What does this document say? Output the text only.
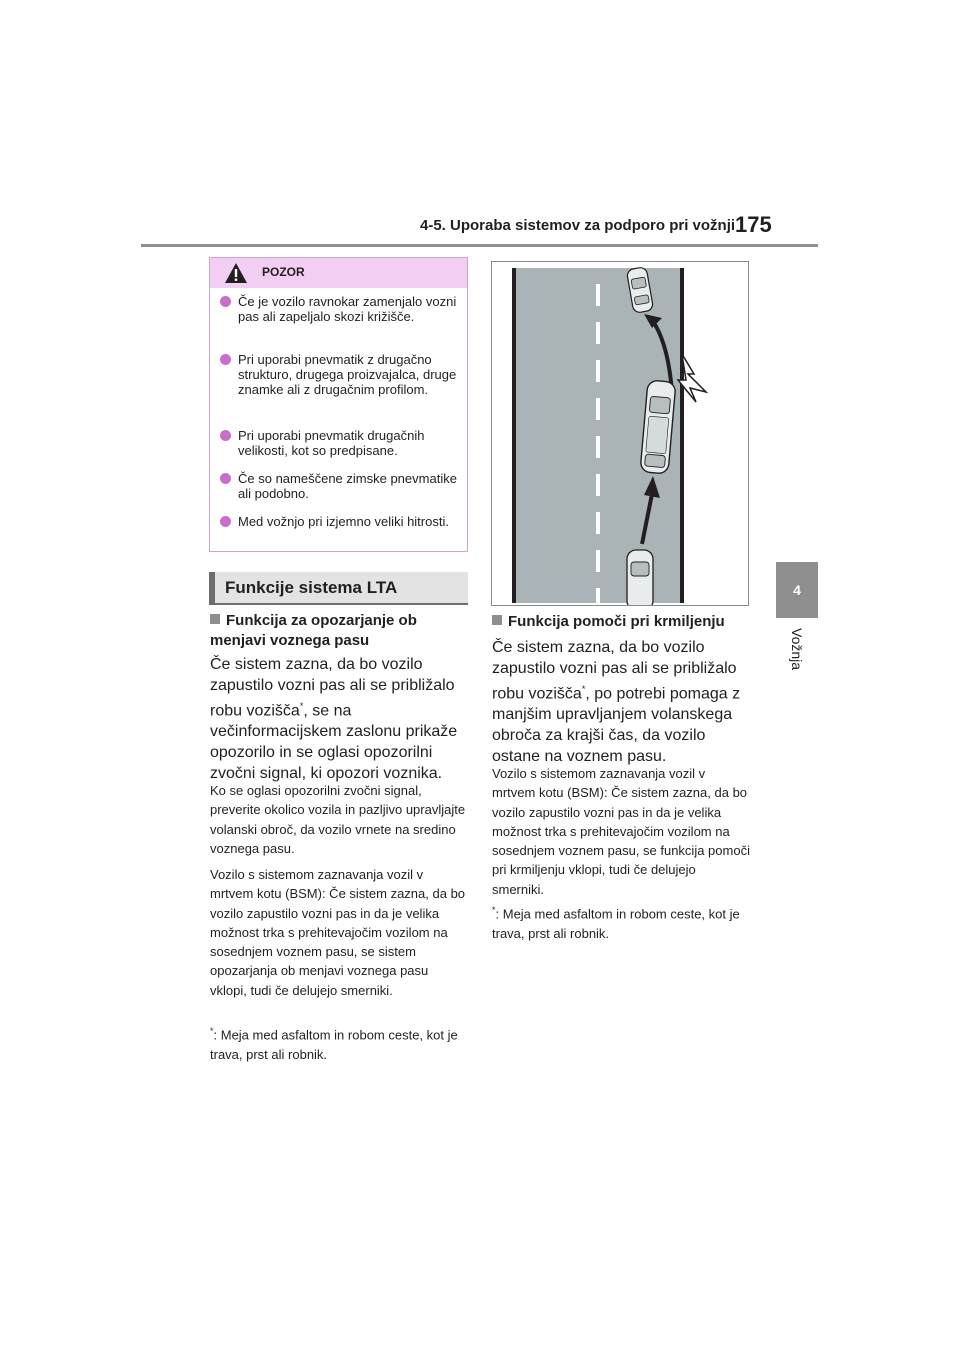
4-5. Uporaba sistemov za podporo pri vožnji 175
4
Vožnja
POZOR
Če je vozilo ravnokar zamenjalo vozni pas ali zapeljalo skozi križišče.
Pri uporabi pnevmatik z drugačno strukturo, drugega proizvajalca, druge znamke ali z drugačnim profilom.
Pri uporabi pnevmatik drugačnih velikosti, kot so predpisane.
Če so nameščene zimske pnevmatike ali podobno.
Med vožnjo pri izjemno veliki hitrosti.
Funkcije sistema LTA
Funkcija za opozarjanje ob menjavi voznega pasu
Če sistem zazna, da bo vozilo zapustilo vozni pas ali se približalo robu vozišča*, se na večinformacijskem zaslonu prikaže opozorilo in se oglasi opozorilni zvočni signal, ki opozori voznika.
Ko se oglasi opozorilni zvočni signal, preverite okolico vozila in pazljivo upravljajte volanski obroč, da vozilo vrnete na sredino voznega pasu.
Vozilo s sistemom zaznavanja vozil v mrtvem kotu (BSM): Če sistem zazna, da bo vozilo zapustilo vozni pas in da je velika možnost trka s prehitevajočim vozilom na sosednjem voznem pasu, se sistem opozarjanja ob menjavi voznega pasu vklopi, tudi če delujejo smerniki.
*: Meja med asfaltom in robom ceste, kot je trava, prst ali robnik.
Funkcija pomoči pri krmiljenju
Če sistem zazna, da bo vozilo zapustilo vozni pas ali se približalo robu vozišča*, po potrebi pomaga z manjšim upravljanjem volanskega obroča za krajši čas, da vozilo ostane na voznem pasu.
Vozilo s sistemom zaznavanja vozil v mrtvem kotu (BSM): Če sistem zazna, da bo vozilo zapustilo vozni pas in da je velika možnost trka s prehitevajočim vozilom na sosednjem voznem pasu, se funkcija pomoči pri krmiljenju vklopi, tudi če delujejo smerniki.
*: Meja med asfaltom in robom ceste, kot je trava, prst ali robnik.
